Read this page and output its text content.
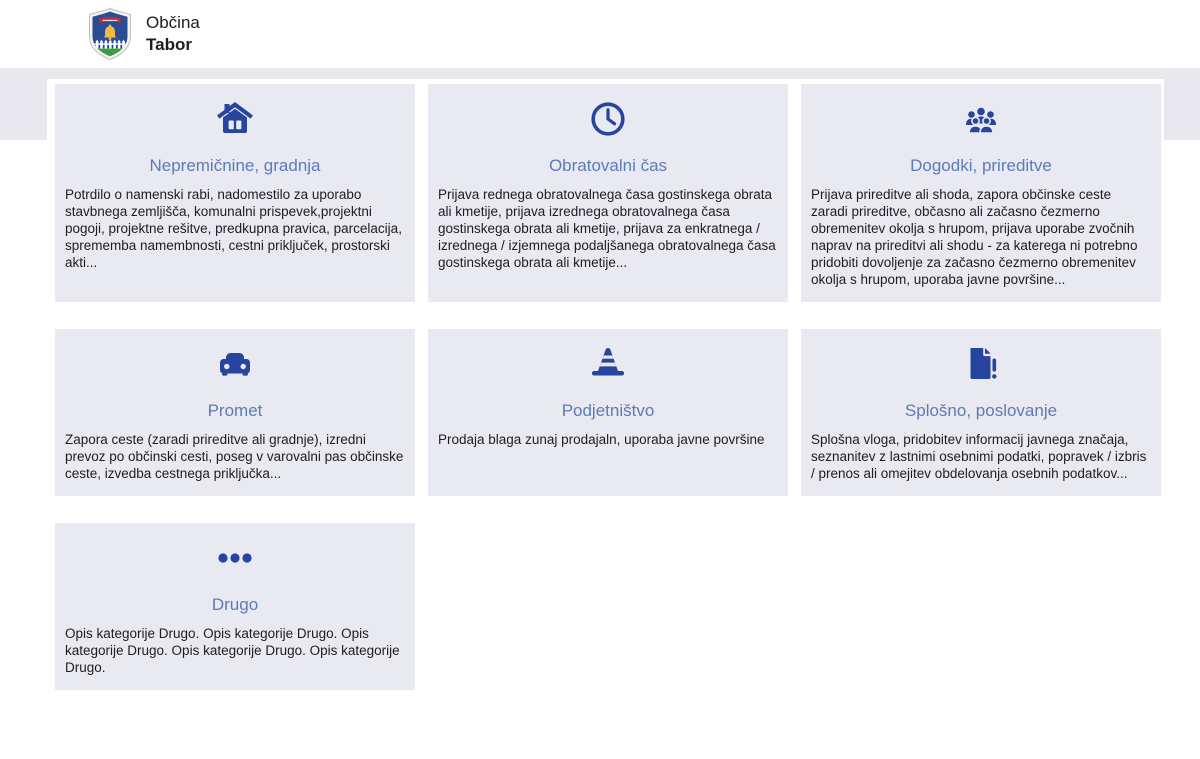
Občina
Tabor
Nepremičnine, gradnja
Potrdilo o namenski rabi, nadomestilo za uporabo stavbnega zemljišča, komunalni prispevek,projektni pogoji, projektne rešitve, predkupna pravica, parcelacija, sprememba namembnosti, cestni priključek, prostorski akti...
Obratovalni čas
Prijava rednega obratovalnega časa gostinskega obrata ali kmetije, prijava izrednega obratovalnega časa gostinskega obrata ali kmetije, prijava za enkratnega / izrednega / izjemnega podaljšanega obratovalnega časa gostinskega obrata ali kmetije...
Dogodki, prireditve
Prijava prireditve ali shoda, zapora občinske ceste zaradi prireditve, občasno ali začasno čezmerno obremenitev okolja s hrupom, prijava uporabe zvočnih naprav na prireditvi ali shodu - za katerega ni potrebno pridobiti dovoljenje za začasno čezmerno obremenitev okolja s hrupom, uporaba javne površine...
Promet
Zapora ceste (zaradi prireditve ali gradnje), izredni prevoz po občinski cesti, poseg v varovalni pas občinske ceste, izvedba cestnega priključka...
Podjetništvo
Prodaja blaga zunaj prodajaln, uporaba javne površine
Splošno, poslovanje
Splošna vloga, pridobitev informacij javnega značaja, seznanitev z lastnimi osebnimi podatki, popravek / izbris / prenos ali omejitev obdelovanja osebnih podatkov...
Drugo
Opis kategorije Drugo. Opis kategorije Drugo. Opis kategorije Drugo. Opis kategorije Drugo. Opis kategorije Drugo.
